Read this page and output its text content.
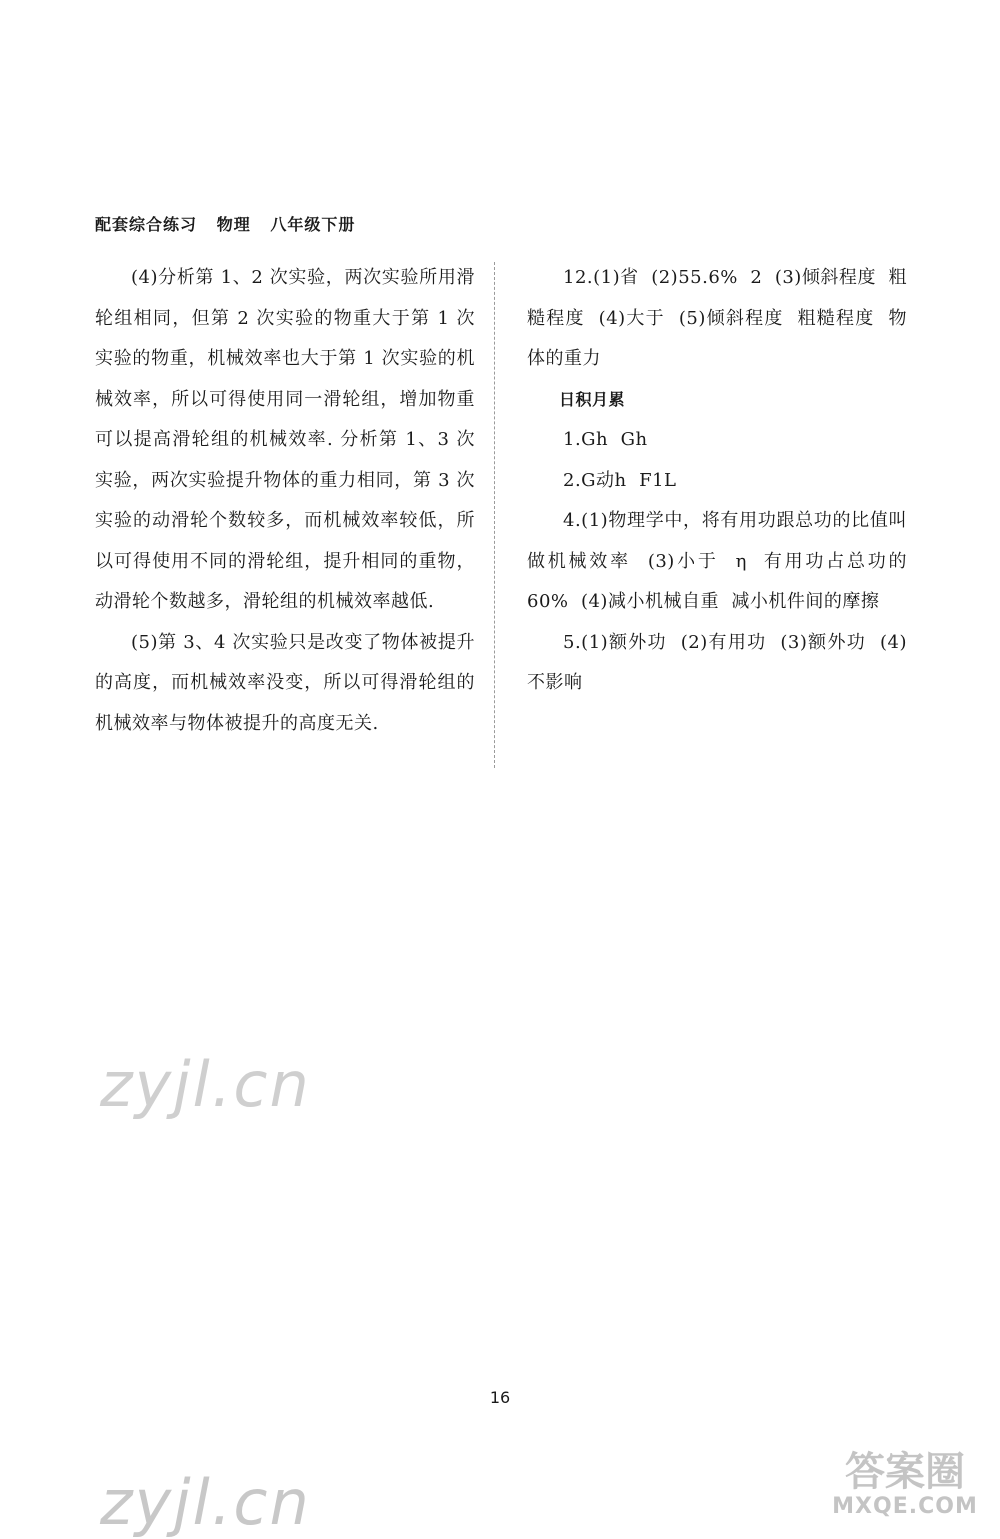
配套综合练习   物理   八年级下册

(4)分析第 1、2 次实验，两次实验所用滑轮组相同，但第 2 次实验的物重大于第 1 次实验的物重，机械效率也大于第 1 次实验的机械效率，所以可得使用同一滑轮组，增加物重可以提高滑轮组的机械效率. 分析第 1、3 次实验，两次实验提升物体的重力相同，第 3 次实验的动滑轮个数较多，而机械效率较低，所以可得使用不同的滑轮组，提升相同的重物，动滑轮个数越多，滑轮组的机械效率越低.

(5)第 3、4 次实验只是改变了物体被提升的高度，而机械效率没变，所以可得滑轮组的机械效率与物体被提升的高度无关.

12.(1)省  (2)55.6%  2  (3)倾斜程度  粗糙程度  (4)大于  (5)倾斜程度  粗糙程度  物体的重力

日积月累

1.Gh  Gh

2.G动h  F1L

4.(1)物理学中，将有用功跟总功的比值叫做机械效率  (3)小于  η  有用功占总功的 60%  (4)减小机械自重  减小机件间的摩擦

5.(1)额外功  (2)有用功  (3)额外功  (4)不影响

16
zyjl.cn
zyjl.cn	答案圈
MXQE.COM
